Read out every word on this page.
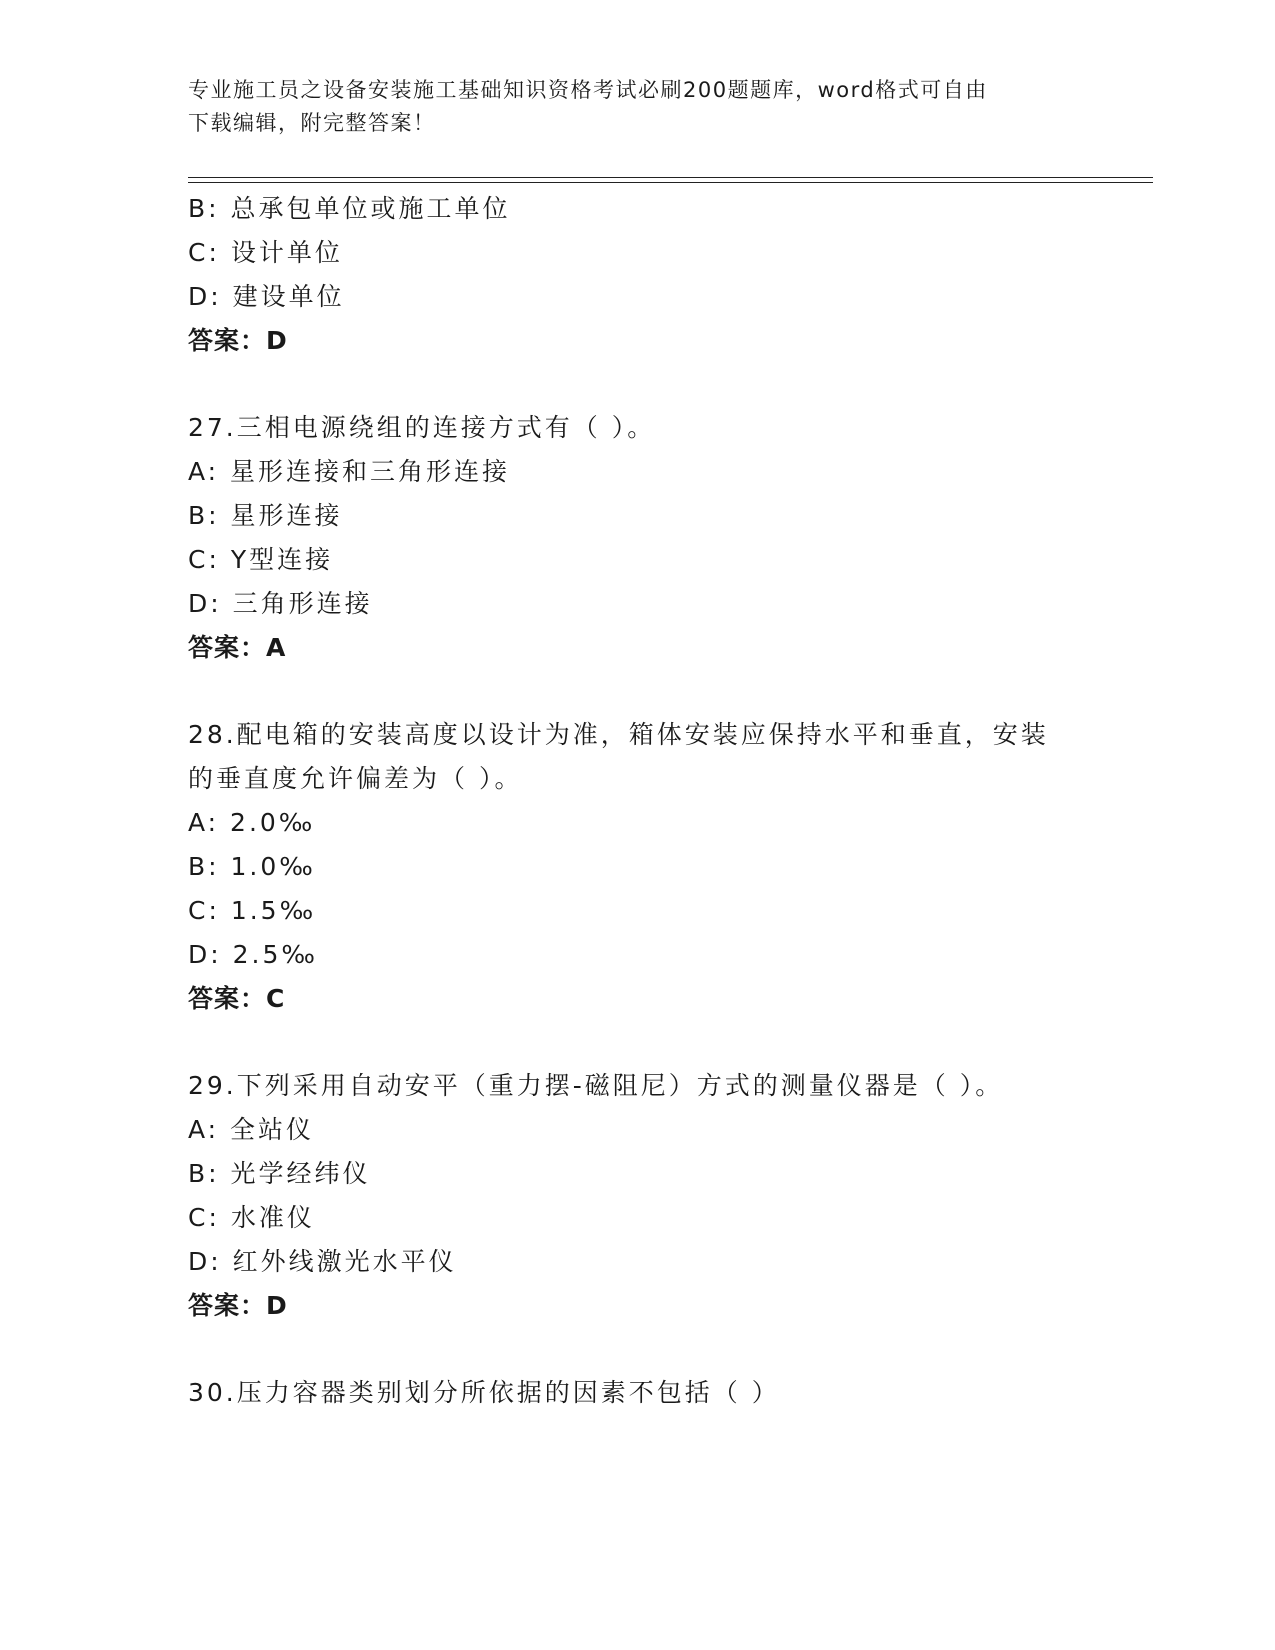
专业施工员之设备安装施工基础知识资格考试必刷200题题库，word格式可自由
下载编辑，附完整答案！
B: 总承包单位或施工单位
C: 设计单位
D: 建设单位
答案：D
27.三相电源绕组的连接方式有（ ）。
A: 星形连接和三角形连接
B: 星形连接
C: Y型连接
D: 三角形连接
答案：A
28.配电箱的安装高度以设计为准，箱体安装应保持水平和垂直，安装
的垂直度允许偏差为（ ）。
A: 2.0‰
B: 1.0‰
C: 1.5‰
D: 2.5‰
答案：C
29.下列采用自动安平（重力摆-磁阻尼）方式的测量仪器是（ ）。
A: 全站仪
B: 光学经纬仪
C: 水准仪
D: 红外线激光水平仪
答案：D
30.压力容器类别划分所依据的因素不包括（ ）
